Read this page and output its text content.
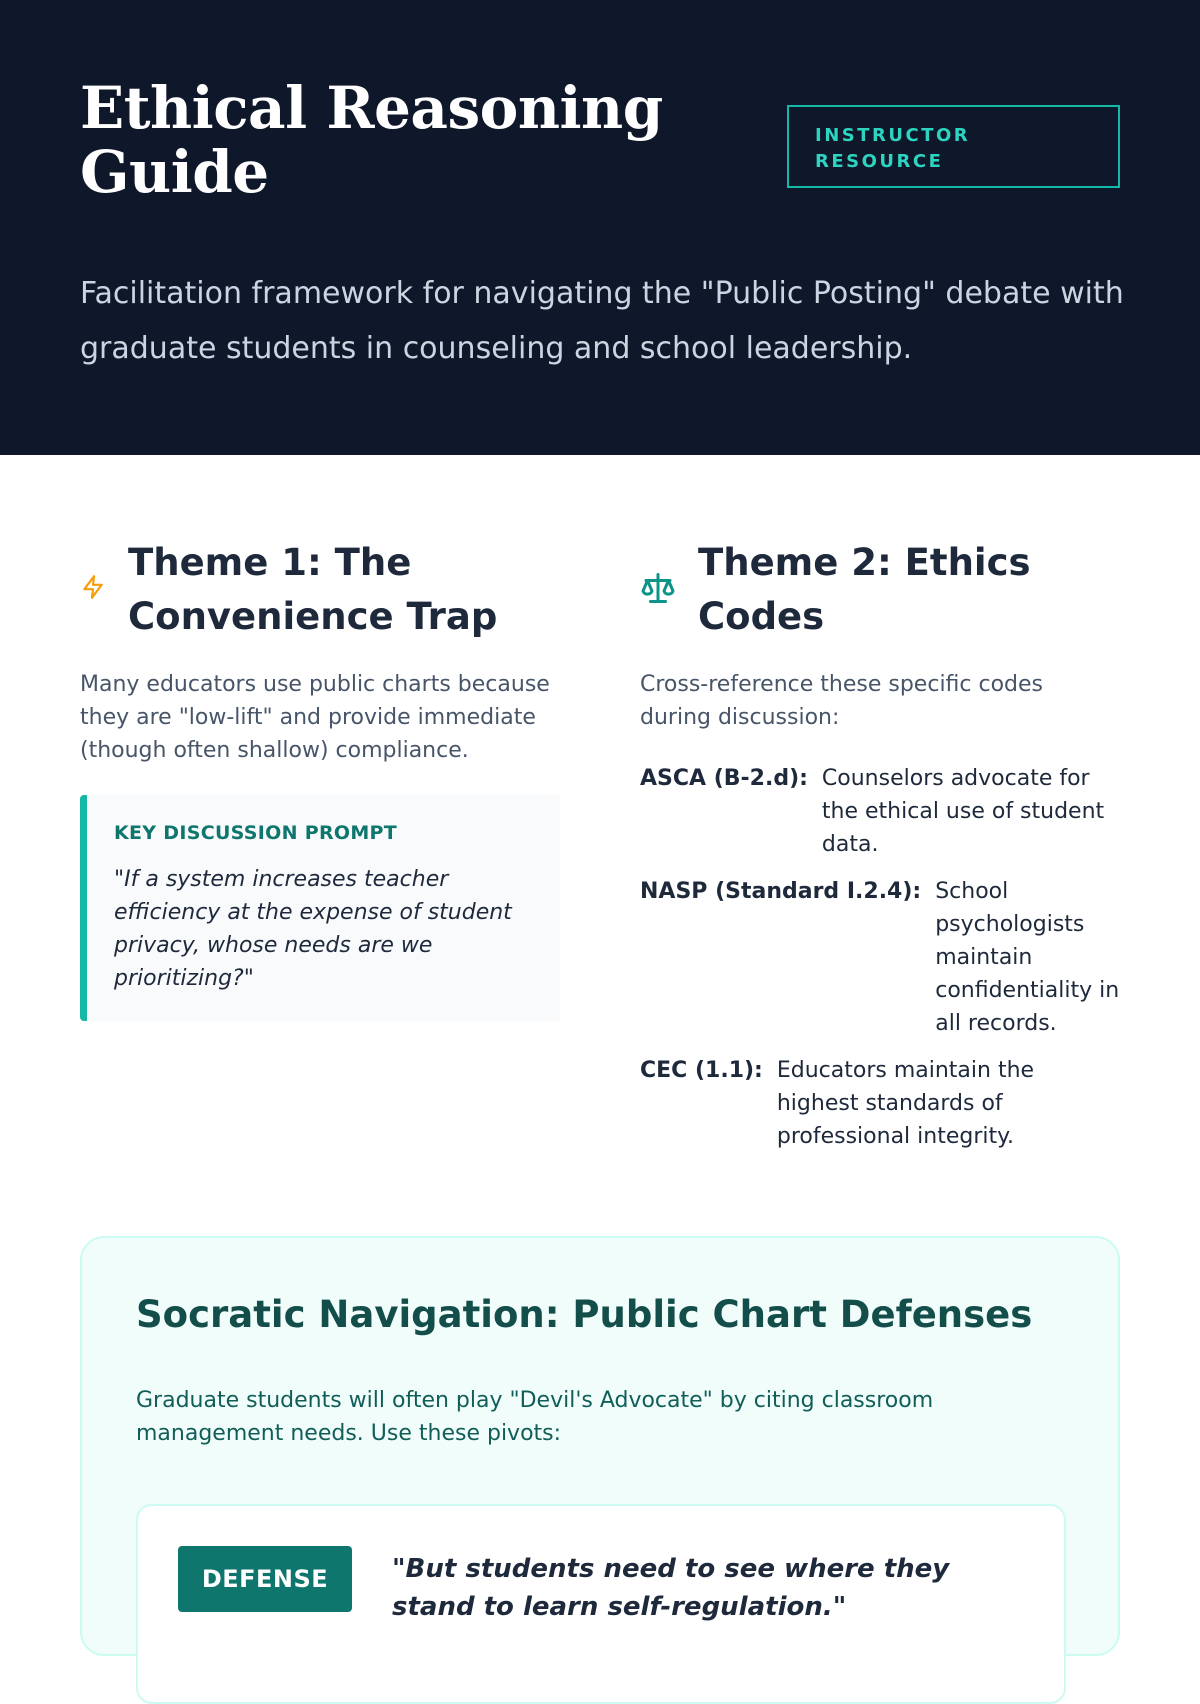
Ethical Reasoning Guide
INSTRUCTOR RESOURCE

Facilitation framework for navigating the "Public Posting" debate with graduate students in counseling and school leadership.

Theme 1: The Convenience Trap

Many educators use public charts because they are "low-lift" and provide immediate (though often shallow) compliance.

KEY DISCUSSION PROMPT
"If a system increases teacher efficiency at the expense of student privacy, whose needs are we prioritizing?"
Theme 2: Ethics Codes

Cross-reference these specific codes during discussion:

ASCA (B-2.d): Counselors advocate for the ethical use of student data.
NASP (Standard I.2.4): School psychologists maintain confidentiality in all records.
CEC (1.1): Educators maintain the highest standards of professional integrity.
Socratic Navigation: Public Chart Defenses

Graduate students will often play "Devil's Advocate" by citing classroom management needs. Use these pivots:

DEFENSE	"But students need to see where they stand to learn self-regulation."
